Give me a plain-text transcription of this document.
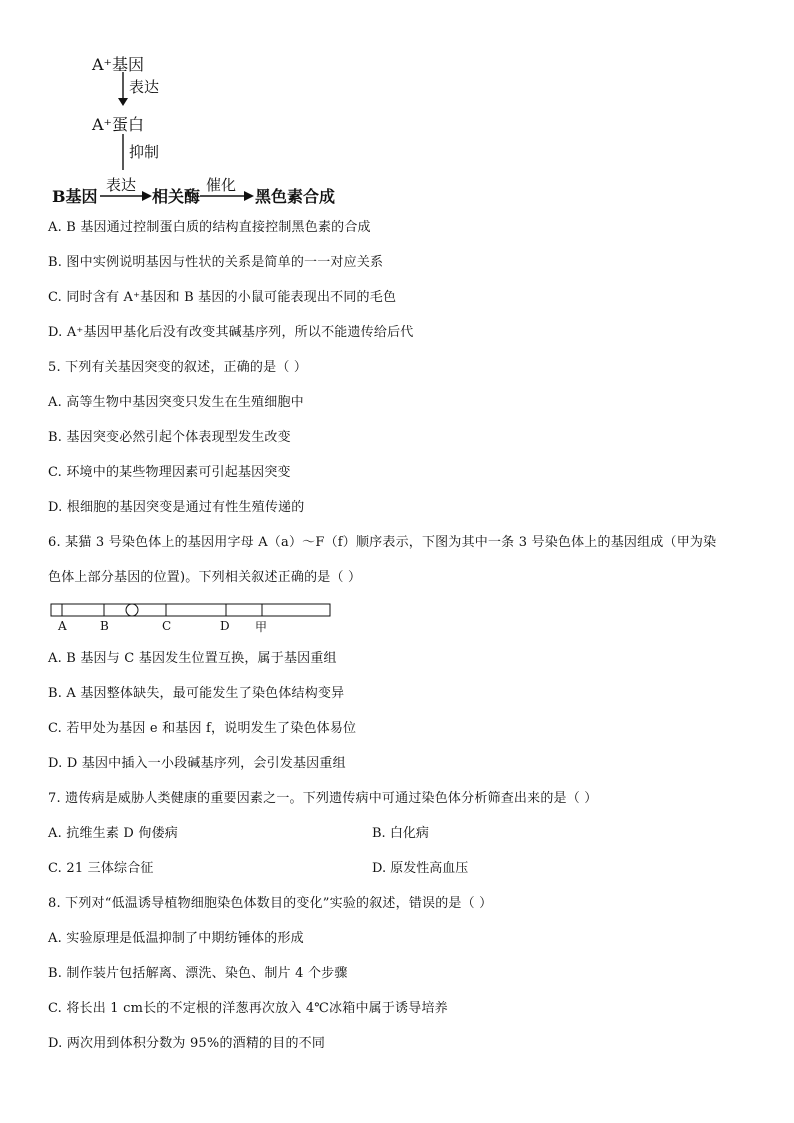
A⁺基因
表达
A⁺蛋白
抑制
B基因
表达
相关酶
催化
黑色素合成
A. B 基因通过控制蛋白质的结构直接控制黑色素的合成
B. 图中实例说明基因与性状的关系是简单的一一对应关系
C. 同时含有 A⁺基因和 B 基因的小鼠可能表现出不同的毛色
D. A⁺基因甲基化后没有改变其碱基序列，所以不能遗传给后代
5. 下列有关基因突变的叙述，正确的是（ ）
A. 高等生物中基因突变只发生在生殖细胞中
B. 基因突变必然引起个体表现型发生改变
C. 环境中的某些物理因素可引起基因突变
D. 根细胞的基因突变是通过有性生殖传递的
6. 某猫 3 号染色体上的基因用字母 A（a）～F（f）顺序表示，下图为其中一条 3 号染色体上的基因组成（甲为染
色体上部分基因的位置)。下列相关叙述正确的是（ ）
A	B	C	D 甲
A. B 基因与 C 基因发生位置互换，属于基因重组
B. A 基因整体缺失，最可能发生了染色体结构变异
C. 若甲处为基因 e 和基因 f，说明发生了染色体易位
D. D 基因中插入一小段碱基序列，会引发基因重组
7. 遗传病是威胁人类健康的重要因素之一。下列遗传病中可通过染色体分析筛查出来的是（ ）
A. 抗维生素 D 佝偻病	B. 白化病
C. 21 三体综合征	D. 原发性高血压
8. 下列对“低温诱导植物细胞染色体数目的变化”实验的叙述，错误的是（ ）
A. 实验原理是低温抑制了中期纺锤体的形成
B. 制作装片包括解离、漂洗、染色、制片 4 个步骤
C. 将长出 1 cm长的不定根的洋葱再次放入 4℃冰箱中属于诱导培养
D. 两次用到体积分数为 95%的酒精的目的不同
